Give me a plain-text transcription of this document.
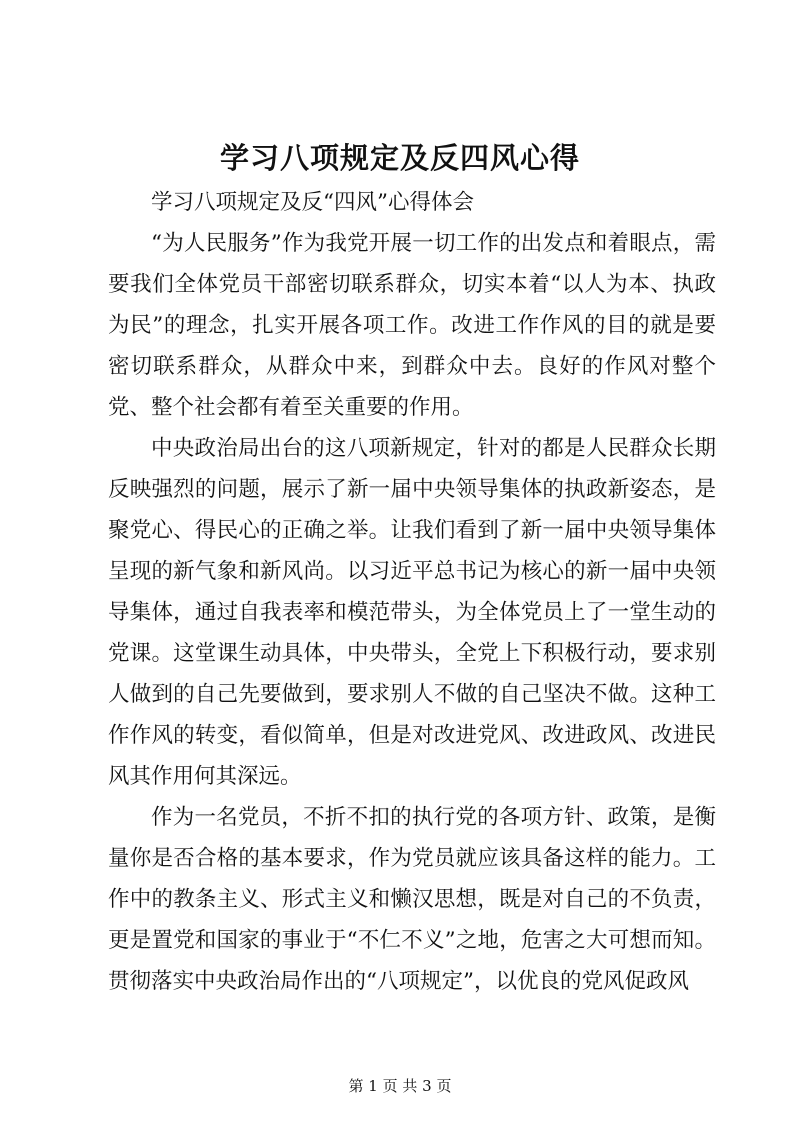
学习八项规定及反四风心得

学习八项规定及反“四风”心得体会

“为人民服务”作为我党开展一切工作的出发点和着眼点，需要我们全体党员干部密切联系群众，切实本着“以人为本、执政为民”的理念，扎实开展各项工作。改进工作作风的目的就是要密切联系群众，从群众中来，到群众中去。良好的作风对整个党、整个社会都有着至关重要的作用。

中央政治局出台的这八项新规定，针对的都是人民群众长期反映强烈的问题，展示了新一届中央领导集体的执政新姿态，是聚党心、得民心的正确之举。让我们看到了新一届中央领导集体呈现的新气象和新风尚。以习近平总书记为核心的新一届中央领导集体，通过自我表率和模范带头，为全体党员上了一堂生动的党课。这堂课生动具体，中央带头，全党上下积极行动，要求别人做到的自己先要做到，要求别人不做的自己坚决不做。这种工作作风的转变，看似简单，但是对改进党风、改进政风、改进民风其作用何其深远。

作为一名党员，不折不扣的执行党的各项方针、政策，是衡量你是否合格的基本要求，作为党员就应该具备这样的能力。工作中的教条主义、形式主义和懒汉思想，既是对自己的不负责，更是置党和国家的事业于“不仁不义”之地，危害之大可想而知。贯彻落实中央政治局作出的“八项规定”，以优良的党风促政风

第 1 页 共 3 页
